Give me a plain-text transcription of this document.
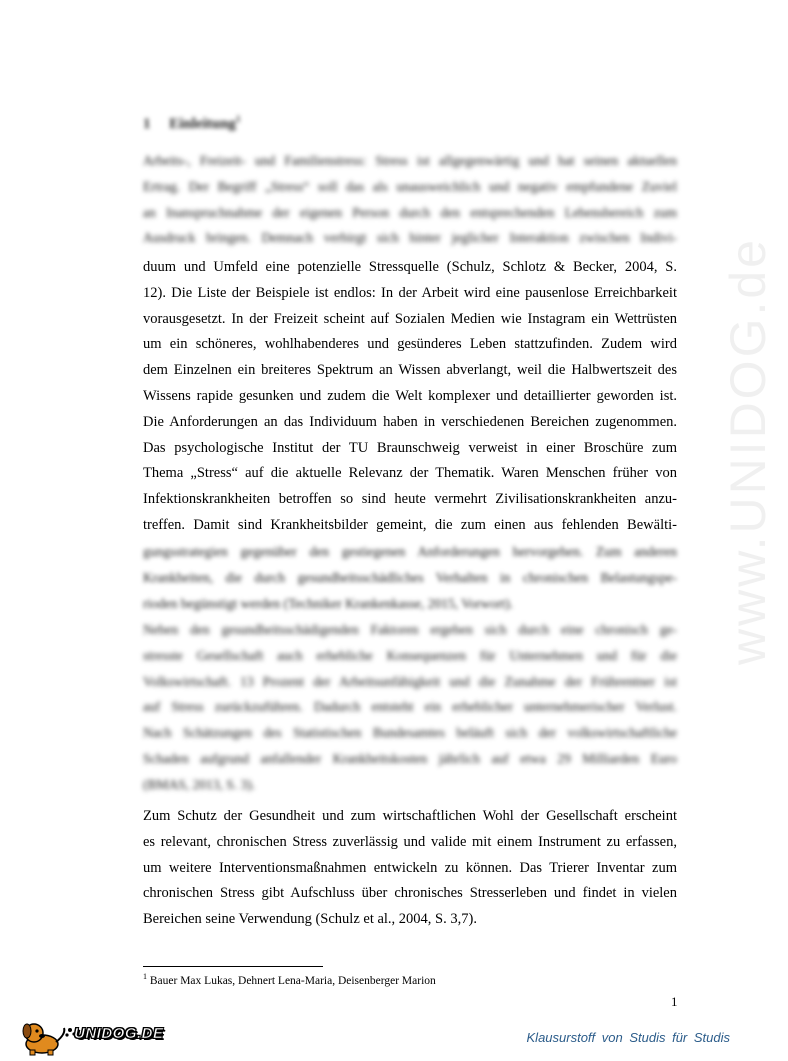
1 Einleitung$^1$
Arbeits-, Freizeit- und Familienstress: Stress ist allgegenwärtig und hat seinen aktuellen
Ertrag. Der Begriff „Stress“ soll das als unausweichlich und negativ empfundene Zuviel
an Inanspruchnahme der eigenen Person durch den entsprechenden Lebensbereich zum
Ausdruck bringen. Demnach verbirgt sich hinter jeglicher Interaktion zwischen Indivi-
duum und Umfeld eine potenzielle Stressquelle (Schulz, Schlotz & Becker, 2004, S.
12). Die Liste der Beispiele ist endlos: In der Arbeit wird eine pausenlose Erreichbarkeit
vorausgesetzt. In der Freizeit scheint auf Sozialen Medien wie Instagram ein Wettrüsten
um ein schöneres, wohlhabenderes und gesünderes Leben stattzufinden. Zudem wird
dem Einzelnen ein breiteres Spektrum an Wissen abverlangt, weil die Halbwertszeit des
Wissens rapide gesunken und zudem die Welt komplexer und detaillierter geworden ist.
Die Anforderungen an das Individuum haben in verschiedenen Bereichen zugenommen.
Das psychologische Institut der TU Braunschweig verweist in einer Broschüre zum
Thema „Stress“ auf die aktuelle Relevanz der Thematik. Waren Menschen früher von
Infektionskrankheiten betroffen so sind heute vermehrt Zivilisationskrankheiten anzu-
treffen. Damit sind Krankheitsbilder gemeint, die zum einen aus fehlenden Bewälti-
gungsstrategien gegenüber den gestiegenen Anforderungen hervorgehen. Zum anderen
Krankheiten, die durch gesundheitsschädliches Verhalten in chronischen Belastungspe-
rioden begünstigt werden (Techniker Krankenkasse, 2015, Vorwort).
Neben den gesundheitsschädigenden Faktoren ergeben sich durch eine chronisch ge-
stresste Gesellschaft auch erhebliche Konsequenzen für Unternehmen und für die
Volkswirtschaft. 13 Prozent der Arbeitsunfähigkeit und die Zunahme der Frührentner ist
auf Stress zurückzuführen. Dadurch entsteht ein erheblicher unternehmerischer Verlust.
Nach Schätzungen des Statistischen Bundesamtes beläuft sich der volkswirtschaftliche
Schaden aufgrund anfallender Krankheitskosten jährlich auf etwa 29 Milliarden Euro
(BMAS, 2013, S. 3).
Zum Schutz der Gesundheit und zum wirtschaftlichen Wohl der Gesellschaft erscheint
es relevant, chronischen Stress zuverlässig und valide mit einem Instrument zu erfassen,
um weitere Interventionsmaßnahmen entwickeln zu können. Das Trierer Inventar zum
chronischen Stress gibt Aufschluss über chronisches Stresserleben und findet in vielen
Bereichen seine Verwendung (Schulz et al., 2004, S. 3,7).
$^1$ Bauer Max Lukas, Dehnert Lena-Maria, Deisenberger Marion
1
www.UNIDOG.de
UNIDOG.DE	Klausurstoff von Studis für Studis
